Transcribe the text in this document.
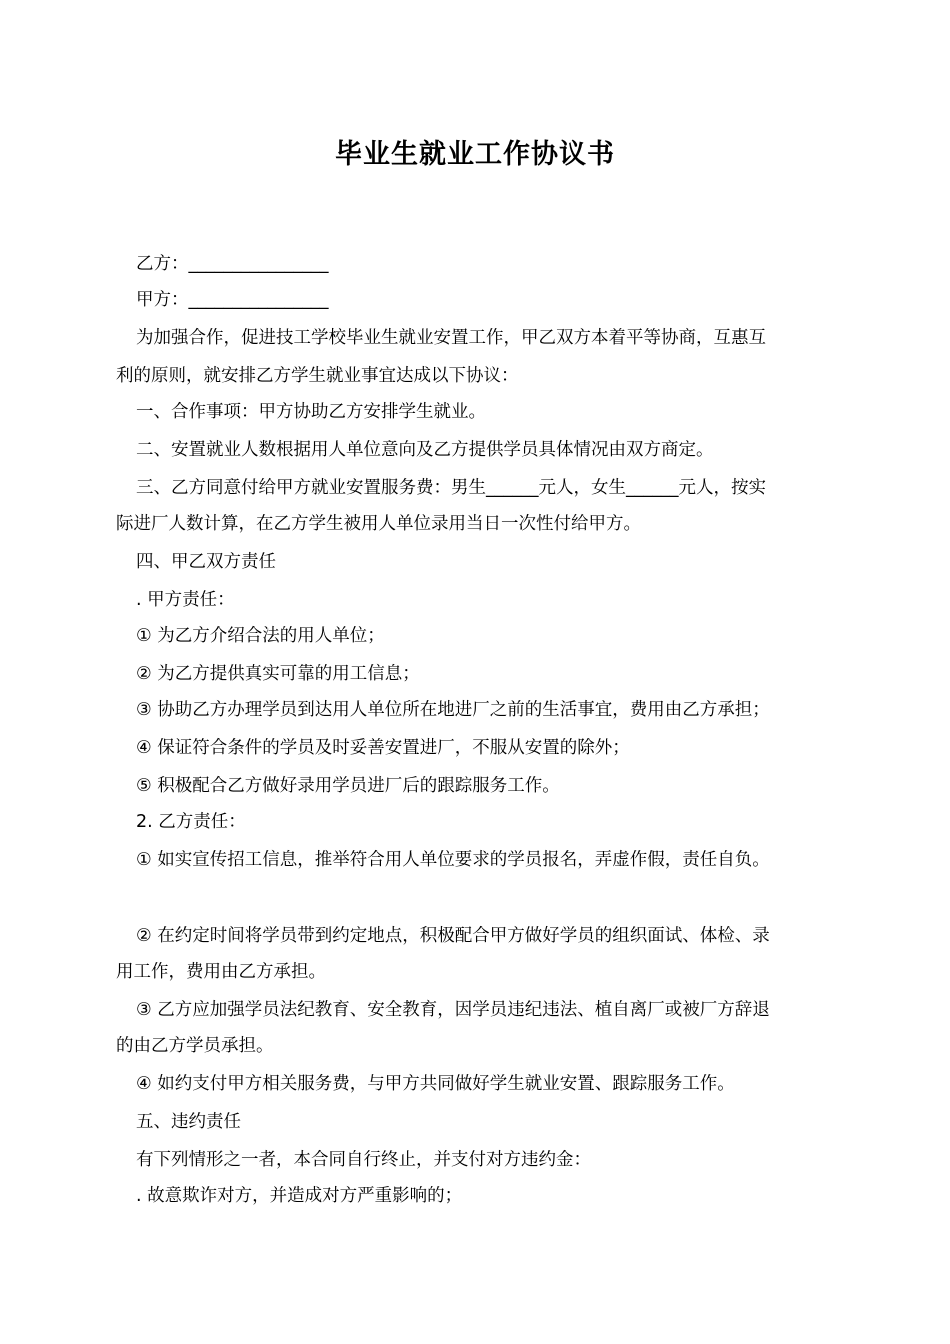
毕业生就业工作协议书
乙方：________________
甲方：________________
为加强合作，促进技工学校毕业生就业安置工作，甲乙双方本着平等协商，互惠互
利的原则，就安排乙方学生就业事宜达成以下协议：
一、合作事项：甲方协助乙方安排学生就业。
二、安置就业人数根据用人单位意向及乙方提供学员具体情况由双方商定。
三、乙方同意付给甲方就业安置服务费：男生______元人，女生______元人，按实
际进厂人数计算，在乙方学生被用人单位录用当日一次性付给甲方。
四、甲乙双方责任
. 甲方责任：
① 为乙方介绍合法的用人单位；
② 为乙方提供真实可靠的用工信息；
③ 协助乙方办理学员到达用人单位所在地进厂之前的生活事宜，费用由乙方承担；
④ 保证符合条件的学员及时妥善安置进厂，不服从安置的除外；
⑤ 积极配合乙方做好录用学员进厂后的跟踪服务工作。
2. 乙方责任：
① 如实宣传招工信息，推举符合用人单位要求的学员报名，弄虚作假，责任自负。
② 在约定时间将学员带到约定地点，积极配合甲方做好学员的组织面试、体检、录
用工作，费用由乙方承担。
③ 乙方应加强学员法纪教育、安全教育，因学员违纪违法、植自离厂或被厂方辞退
的由乙方学员承担。
④ 如约支付甲方相关服务费，与甲方共同做好学生就业安置、跟踪服务工作。
五、违约责任
有下列情形之一者，本合同自行终止，并支付对方违约金：
. 故意欺诈对方，并造成对方严重影响的；
